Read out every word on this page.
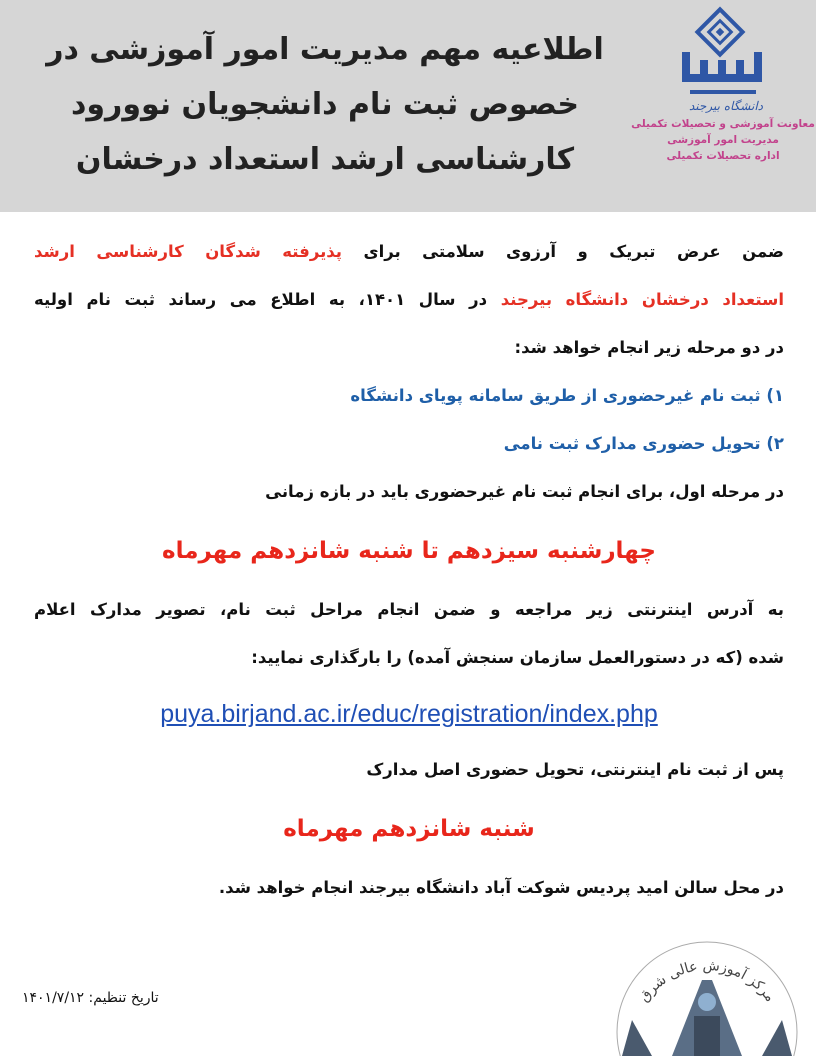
اطلاعیه مهم مدیریت امور آموزشی در
خصوص ثبت نام دانشجویان نوورود
کارشناسی ارشد استعداد درخشان
دانشگاه بیرجند
معاونت آموزشی و تحصیلات تکمیلی
مدیریت امور آموزشی
اداره تحصیلات تکمیلی
ضمن عرض تبریک و آرزوی سلامتی برای پذیرفته شدگان کارشناسی ارشد
استعداد درخشان دانشگاه بیرجند در سال ۱۴۰۱، به اطلاع می رساند ثبت نام اولیه
در دو مرحله زیر انجام خواهد شد:
۱) ثبت نام غیرحضوری از طریق سامانه پویای دانشگاه
۲) تحویل حضوری مدارک ثبت نامی
در مرحله اول، برای انجام ثبت نام غیرحضوری باید در بازه زمانی
چهارشنبه سیزدهم تا شنبه شانزدهم مهرماه
به آدرس اینترنتی زیر مراجعه و ضمن انجام مراحل ثبت نام، تصویر مدارک اعلام
شده (که در دستورالعمل سازمان سنجش آمده) را بارگذاری نمایید:
puya.birjand.ac.ir/educ/registration/index.php
پس از ثبت نام اینترنتی، تحویل حضوری اصل مدارک
شنبه شانزدهم مهرماه
در محل سالن امید پردیس شوکت آباد دانشگاه بیرجند انجام خواهد شد.
تاریخ تنظیم: ۱۴۰۱/۷/۱۲	مرکز آموزش عالی شرق
